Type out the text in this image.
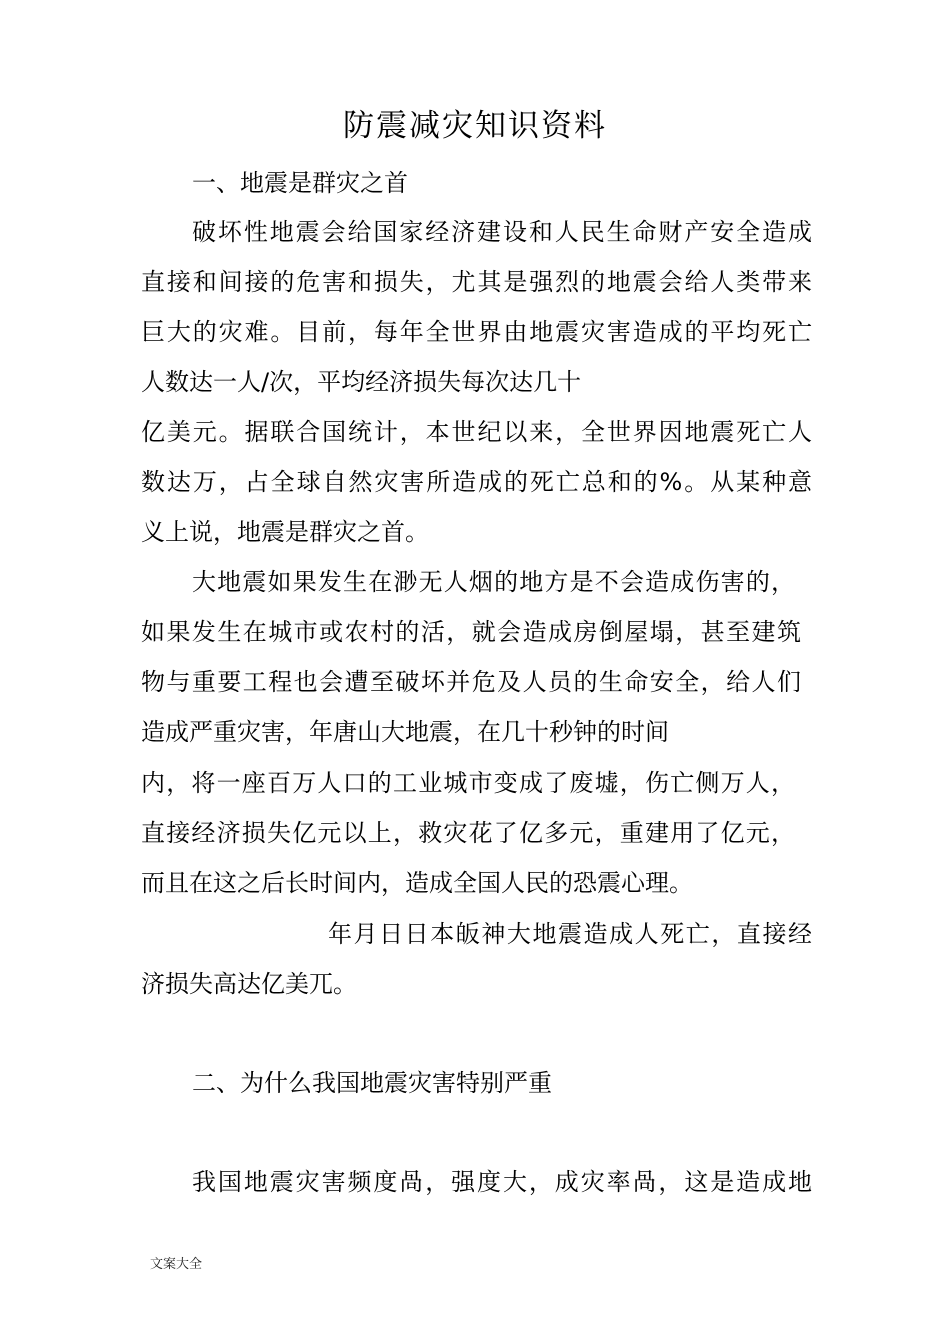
防震减灾知识资料
一、地震是群灾之首
破坏性地震会给国家经济建设和人民生命财产安全造成
直接和间接的危害和损失，尤其是强烈的地震会给人类带来
巨大的灾难。目前，每年全世界由地震灾害造成的平均死亡
人数达一人/次，平均经济损失每次达几十
亿美元。据联合国统计，本世纪以来，全世界因地震死亡人
数达万，占全球自然灾害所造成的死亡总和的%。从某种意
义上说，地震是群灾之首。
大地震如果发生在渺无人烟的地方是不会造成伤害的，
如果发生在城市或农村的活，就会造成房倒屋塌，甚至建筑
物与重要工程也会遭至破坏并危及人员的生命安全，给人们
造成严重灾害，年唐山大地震，在几十秒钟的时间
内，将一座百万人口的工业城市变成了废墟，伤亡侧万人，
直接经济损失亿元以上，救灾花了亿多元，重建用了亿元，
而且在这之后长时间内，造成全国人民的恐震心理。
年月日日本皈神大地震造成人死亡，直接经
济损失高达亿美兀。
二、为什么我国地震灾害特别严重
我国地震灾害频度咼，强度大，成灾率咼，这是造成地
文案大全
